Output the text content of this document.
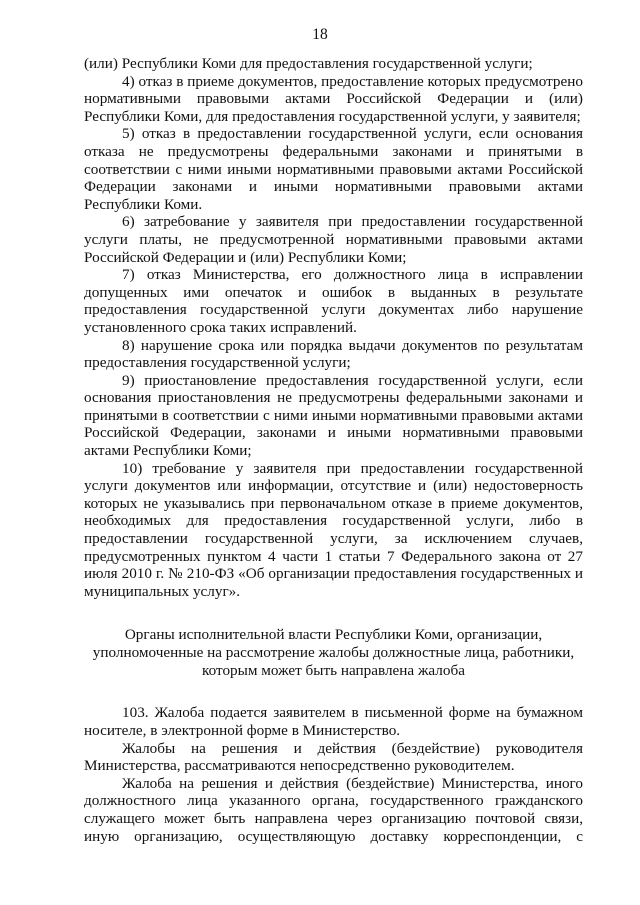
18

(или) Республики Коми для предоставления государственной услуги;

4) отказ в приеме документов, предоставление которых предусмотрено нормативными правовыми актами Российской Федерации и (или) Республики Коми, для предоставления государственной услуги, у заявителя;

5) отказ в предоставлении государственной услуги, если основания отказа не предусмотрены федеральными законами и принятыми в соответствии с ними иными нормативными правовыми актами Российской Федерации законами и иными нормативными правовыми актами Республики Коми.

6) затребование у заявителя при предоставлении государственной услуги платы, не предусмотренной нормативными правовыми актами Российской Федерации и (или) Республики Коми;

7) отказ Министерства, его должностного лица в исправлении допущенных ими опечаток и ошибок в выданных в результате предоставления государственной услуги документах либо нарушение установленного срока таких исправлений.

8) нарушение срока или порядка выдачи документов по результатам предоставления государственной услуги;

9) приостановление предоставления государственной услуги, если основания приостановления не предусмотрены федеральными законами и принятыми в соответствии с ними иными нормативными правовыми актами Российской Федерации, законами и иными нормативными правовыми актами Республики Коми;

10) требование у заявителя при предоставлении государственной услуги документов или информации, отсутствие и (или) недостоверность которых не указывались при первоначальном отказе в приеме документов, необходимых для предоставления государственной услуги, либо в предоставлении государственной услуги, за исключением случаев, предусмотренных пунктом 4 части 1 статьи 7 Федерального закона от 27 июля 2010 г. № 210-ФЗ «Об организации предоставления государственных и муниципальных услуг».

Органы исполнительной власти Республики Коми, организации,
уполномоченные на рассмотрение жалобы должностные лица, работники,
которым может быть направлена жалоба

103. Жалоба подается заявителем в письменной форме на бумажном носителе, в электронной форме в Министерство.

Жалобы на решения и действия (бездействие) руководителя Министерства, рассматриваются непосредственно руководителем.

Жалоба на решения и действия (бездействие) Министерства, иного должностного лица указанного органа, государственного гражданского служащего может быть направлена через организацию почтовой связи, иную организацию, осуществляющую доставку корреспонденции, с
